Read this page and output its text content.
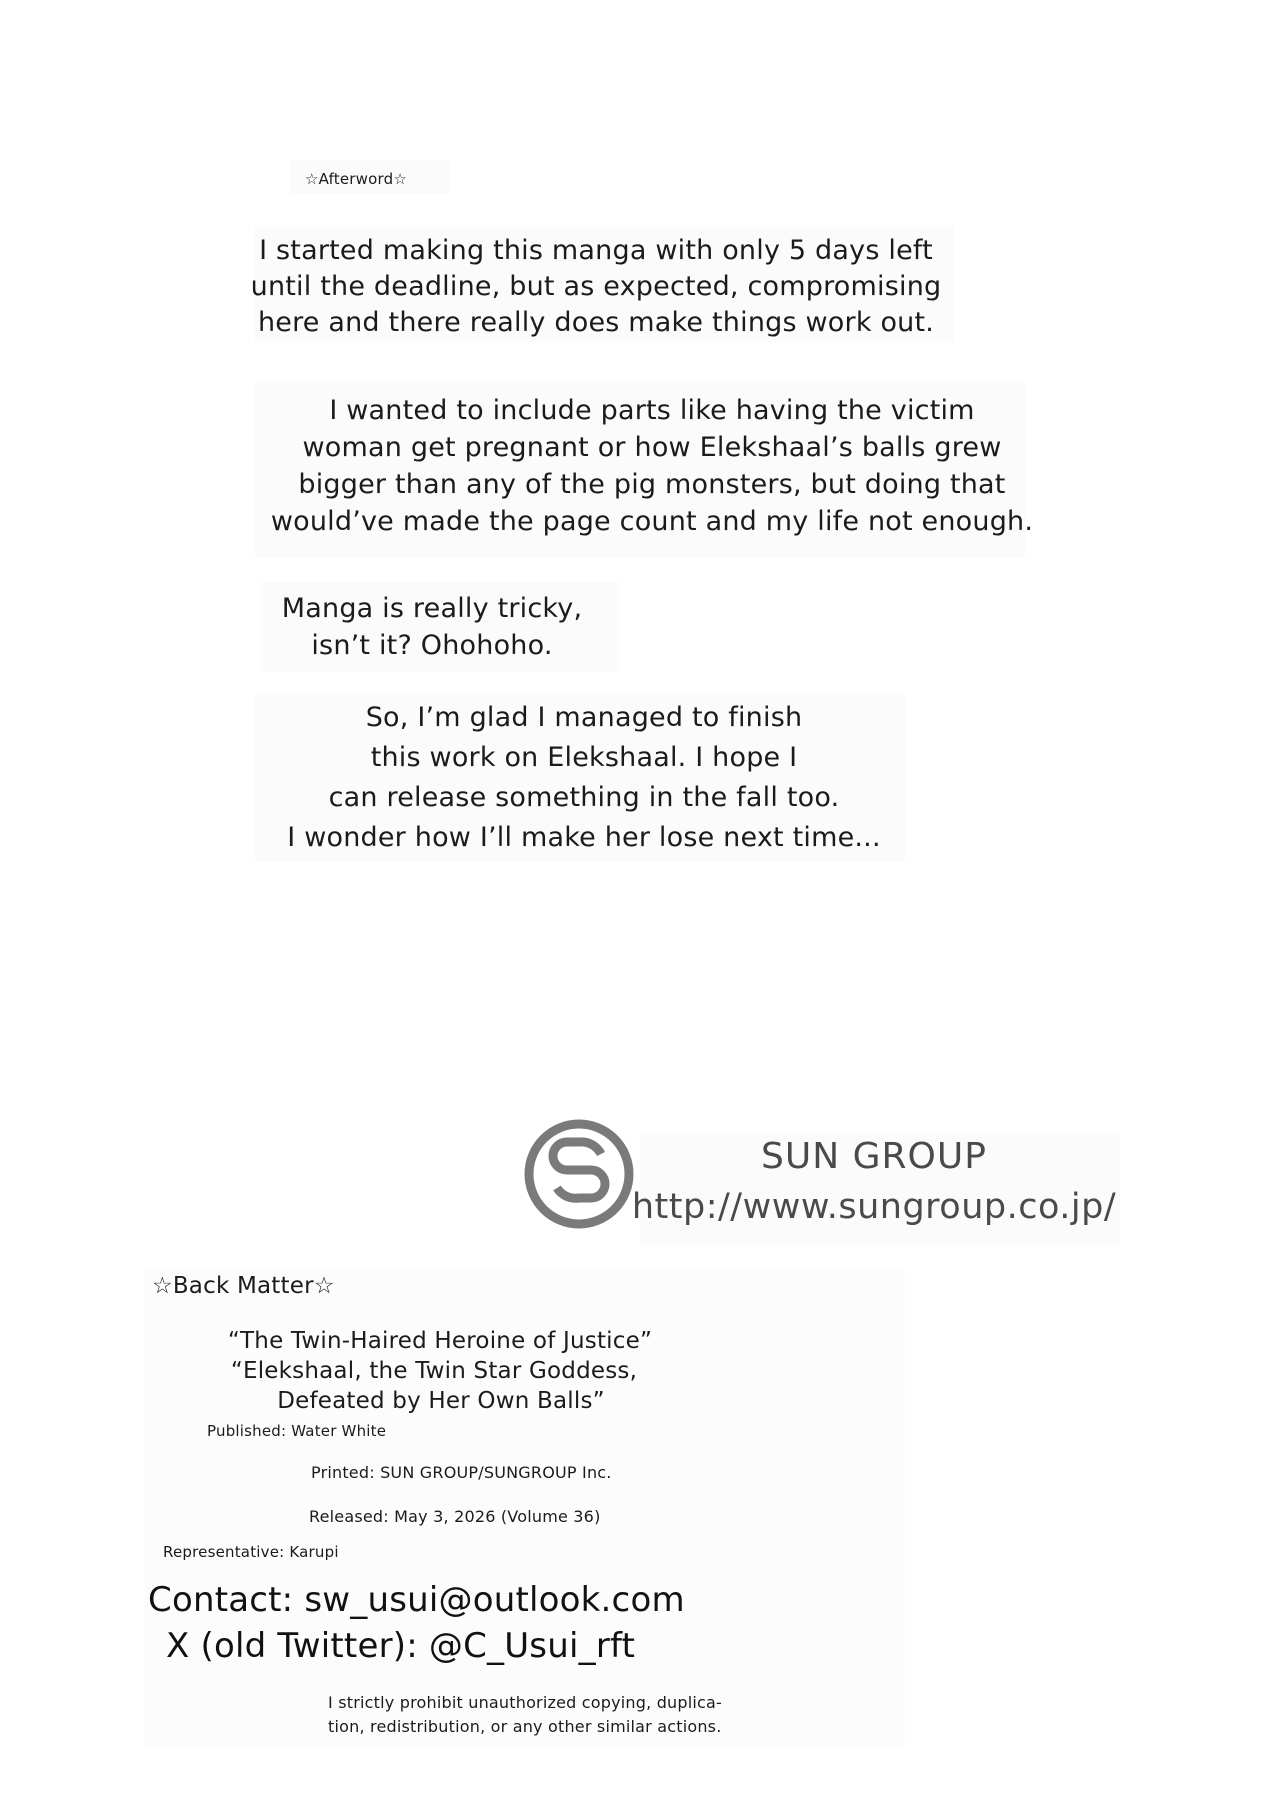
☆Afterword☆
I started making this manga with only 5 days left
until the deadline, but as expected, compromising
here and there really does make things work out.
I wanted to include parts like having the victim
woman get pregnant or how Elekshaal’s balls grew
bigger than any of the pig monsters, but doing that
would’ve made the page count and my life not enough.
Manga is really tricky,
isn’t it? Ohohoho.
So, I’m glad I managed to finish
this work on Elekshaal. I hope I
can release something in the fall too.
I wonder how I’ll make her lose next time...
SUN GROUP
http://www.sungroup.co.jp/
☆Back Matter☆
“The Twin-Haired Heroine of Justice”
“Elekshaal, the Twin Star Goddess,
Defeated by Her Own Balls”
Published: Water White
Printed: SUN GROUP/SUNGROUP Inc.
Released: May 3, 2026 (Volume 36)
Representative: Karupi
Contact: sw_usui@outlook.com
X (old Twitter): @C_Usui_rft
I strictly prohibit unauthorized copying, duplica-
tion, redistribution, or any other similar actions.
